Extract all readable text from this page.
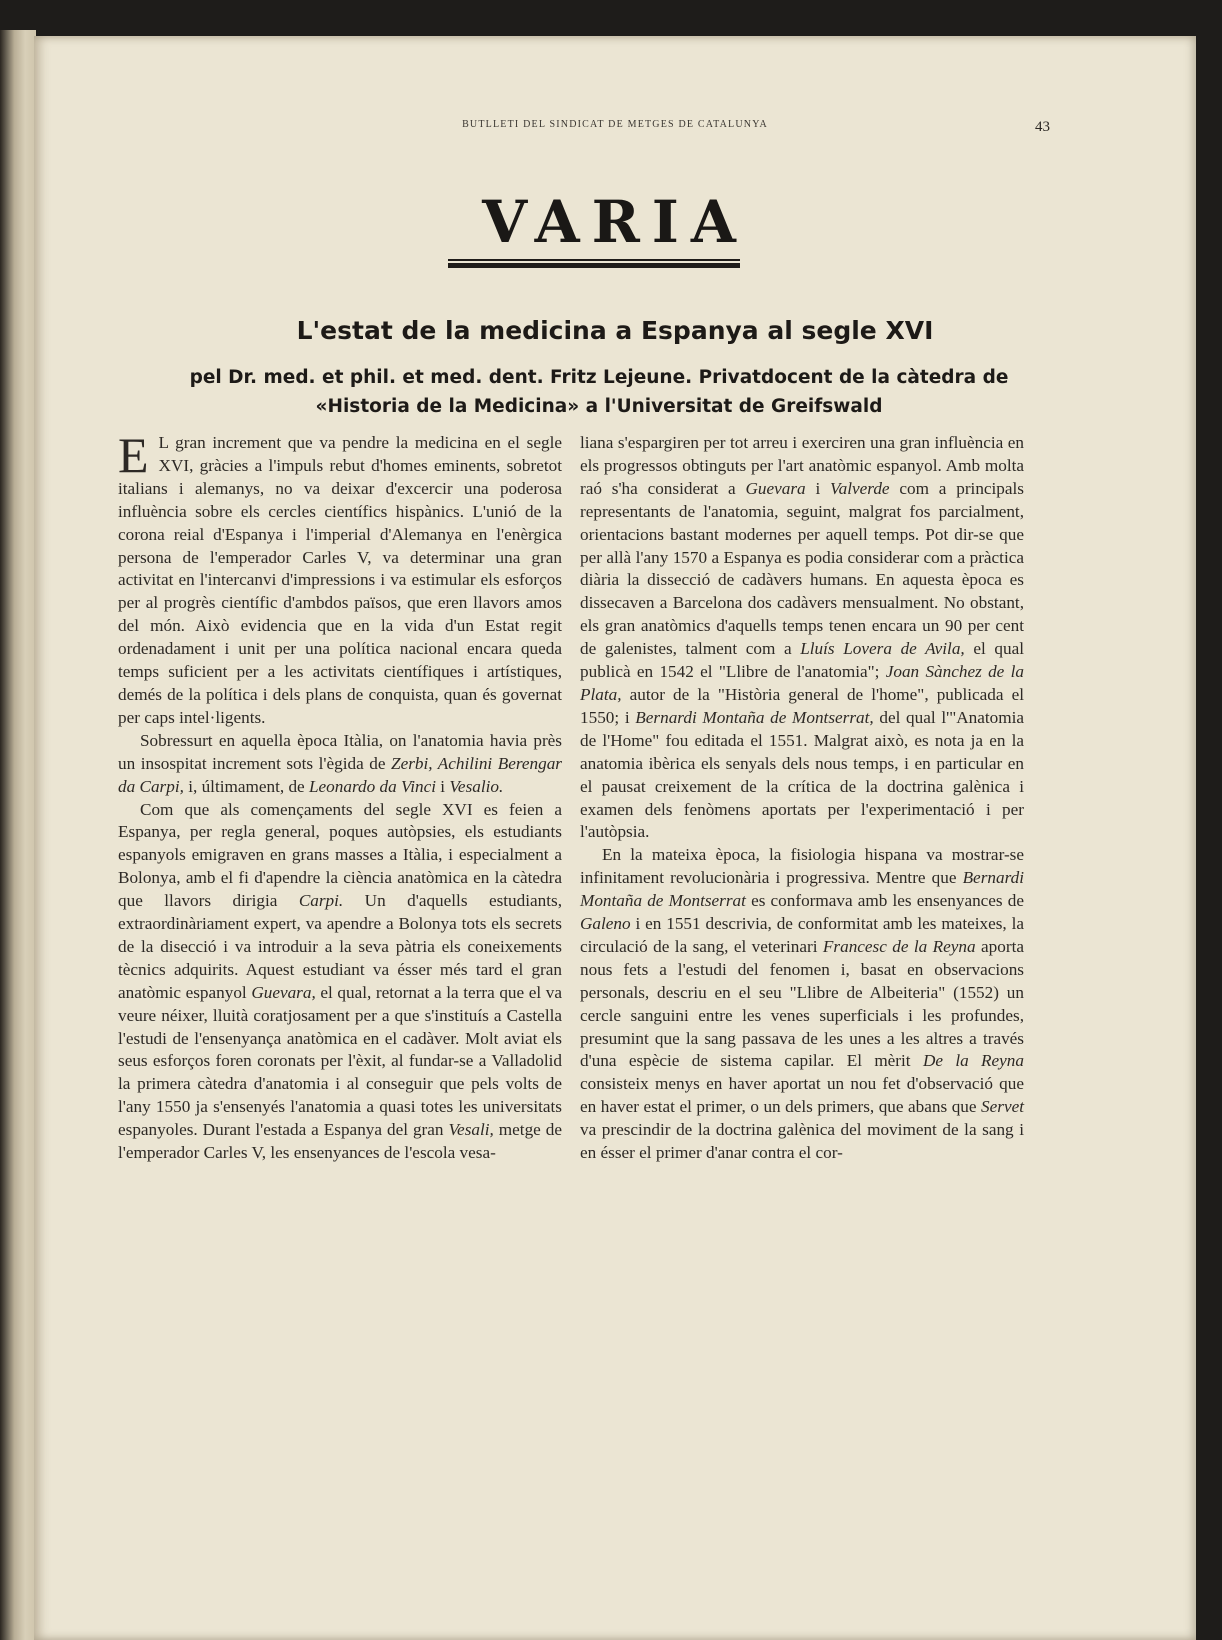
BUTLLETI DEL SINDICAT DE METGES DE CATALUNYA	43
VARIA
L'estat de la medicina a Espanya al segle XVI
pel Dr. med. et phil. et med. dent. Fritz Lejeune. Privatdocent de la càtedra de
«Historia de la Medicina» a l'Universitat de Greifswald

E L gran increment que va pendre la medicina en el segle XVI, gràcies a l'impuls rebut d'homes eminents, sobretot italians i alemanys, no va deixar d'excercir una poderosa influència sobre els cercles científics hispànics. L'unió de la corona reial d'Espanya i l'imperial d'Alemanya en l'enèrgica persona de l'emperador Carles V, va determinar una gran activitat en l'intercanvi d'impressions i va estimular els esforços per al progrès científic d'ambdos països, que eren llavors amos del món. Això evidencia que en la vida d'un Estat regit ordenadament i unit per una política nacional encara queda temps suficient per a les activitats científiques i artístiques, demés de la política i dels plans de conquista, quan és governat per caps intel·ligents.

Sobressurt en aquella època Itàlia, on l'anatomia havia près un insospitat increment sots l'ègida de Zerbi, Achilini Berengar da Carpi, i, últimament, de Leonardo da Vinci i Vesalio.

Com que als començaments del segle XVI es feien a Espanya, per regla general, poques autòpsies, els estudiants espanyols emigraven en grans masses a Itàlia, i especialment a Bolonya, amb el fi d'apendre la ciència anatòmica en la càtedra que llavors dirigia Carpi. Un d'aquells estudiants, extraordinàriament expert, va apendre a Bolonya tots els secrets de la disecció i va introduir a la seva pàtria els coneixements tècnics adquirits. Aquest estudiant va ésser més tard el gran anatòmic espanyol Guevara, el qual, retornat a la terra que el va veure néixer, lluità coratjosament per a que s'instituís a Castella l'estudi de l'ensenyança anatòmica en el cadàver. Molt aviat els seus esforços foren coronats per l'èxit, al fundar-se a Valladolid la primera càtedra d'anatomia i al conseguir que pels volts de l'any 1550 ja s'ensenyés l'anatomia a quasi totes les universitats espanyoles. Durant l'estada a Espanya del gran Vesali, metge de l'emperador Carles V, les ensenyances de l'escola vesa-

liana s'espargiren per tot arreu i exerciren una gran influència en els progressos obtinguts per l'art anatòmic espanyol. Amb molta raó s'ha considerat a Guevara i Valverde com a principals representants de l'anatomia, seguint, malgrat fos parcialment, orientacions bastant modernes per aquell temps. Pot dir-se que per allà l'any 1570 a Espanya es podia considerar com a pràctica diària la dissecció de cadàvers humans. En aquesta època es dissecaven a Barcelona dos cadàvers mensualment. No obstant, els gran anatòmics d'aquells temps tenen encara un 90 per cent de galenistes, talment com a Lluís Lovera de Avila, el qual publicà en 1542 el "Llibre de l'anatomia"; Joan Sànchez de la Plata, autor de la "Història general de l'home", publicada el 1550; i Bernardi Montaña de Montserrat, del qual l'"Anatomia de l'Home" fou editada el 1551. Malgrat això, es nota ja en la anatomia ibèrica els senyals dels nous temps, i en particular en el pausat creixement de la crítica de la doctrina galènica i examen dels fenòmens aportats per l'experimentació i per l'autòpsia.

En la mateixa època, la fisiologia hispana va mostrar-se infinitament revolucionària i progressiva. Mentre que Bernardi Montaña de Montserrat es conformava amb les ensenyances de Galeno i en 1551 descrivia, de conformitat amb les mateixes, la circulació de la sang, el veterinari Francesc de la Reyna aporta nous fets a l'estudi del fenomen i, basat en observacions personals, descriu en el seu "Llibre de Albeiteria" (1552) un cercle sanguini entre les venes superficials i les profundes, presumint que la sang passava de les unes a les altres a través d'una espècie de sistema capilar. El mèrit De la Reyna consisteix menys en haver aportat un nou fet d'observació que en haver estat el primer, o un dels primers, que abans que Servet va prescindir de la doctrina galènica del moviment de la sang i en ésser el primer d'anar contra el cor-
